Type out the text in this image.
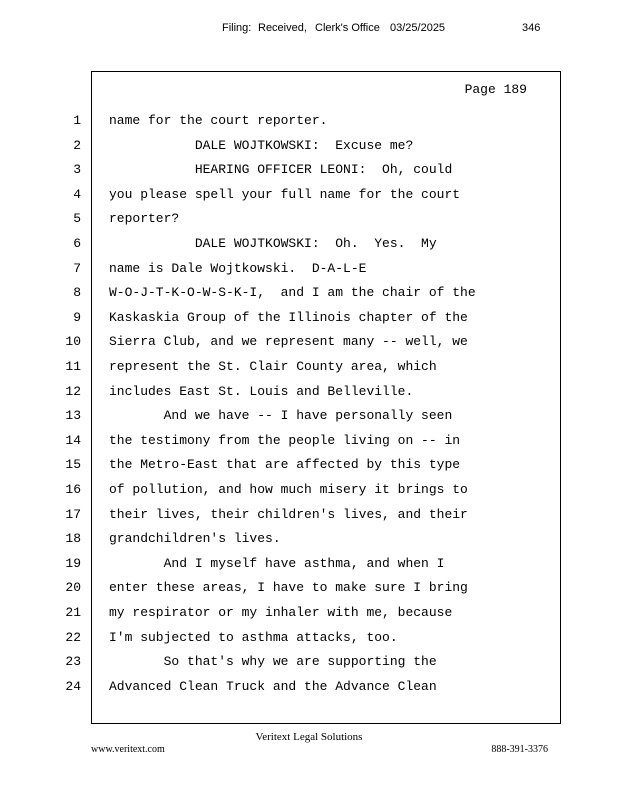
Filing: Received, Clerk's Office 03/25/2025	346
Page 189
1 name for the court reporter.
2 DALE WOJTKOWSKI:  Excuse me?
3 HEARING OFFICER LEONI:  Oh, could
4 you please spell your full name for the court
5 reporter?
6 DALE WOJTKOWSKI:  Oh.  Yes.  My
7 name is Dale Wojtkowski.  D-A-L-E
8 W-O-J-T-K-O-W-S-K-I,  and I am the chair of the
9 Kaskaskia Group of the Illinois chapter of the
10 Sierra Club, and we represent many -- well, we
11 represent the St. Clair County area, which
12 includes East St. Louis and Belleville.
13 And we have -- I have personally seen
14 the testimony from the people living on -- in
15 the Metro-East that are affected by this type
16 of pollution, and how much misery it brings to
17 their lives, their children's lives, and their
18 grandchildren's lives.
19 And I myself have asthma, and when I
20 enter these areas, I have to make sure I bring
21 my respirator or my inhaler with me, because
22 I'm subjected to asthma attacks, too.
23 So that's why we are supporting the
24 Advanced Clean Truck and the Advance Clean
Veritext Legal Solutions
www.veritext.com	888-391-3376
